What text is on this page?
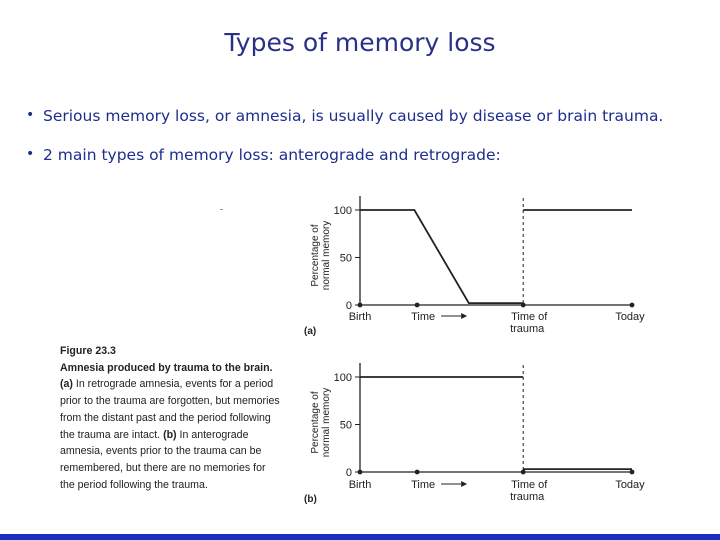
Types of memory loss
• Serious memory loss, or amnesia, is usually caused by disease or brain trauma.
• 2 main types of memory loss: anterograde and retrograde:
100
50
0
Percentage of normal memory
Birth	Time	Time of
trauma
Today
(a)
100
50
0
Percentage of normal memory
Birth	Time	Time of
trauma
Today
(b)
Figure 23.3
Amnesia produced by trauma to the brain. (a) In retrograde amnesia, events for a period prior to the trauma are forgotten, but memories from the distant past and the period following the trauma are intact. (b) In anterograde amnesia, events prior to the trauma can be remembered, but there are no memories for the period following the trauma.
